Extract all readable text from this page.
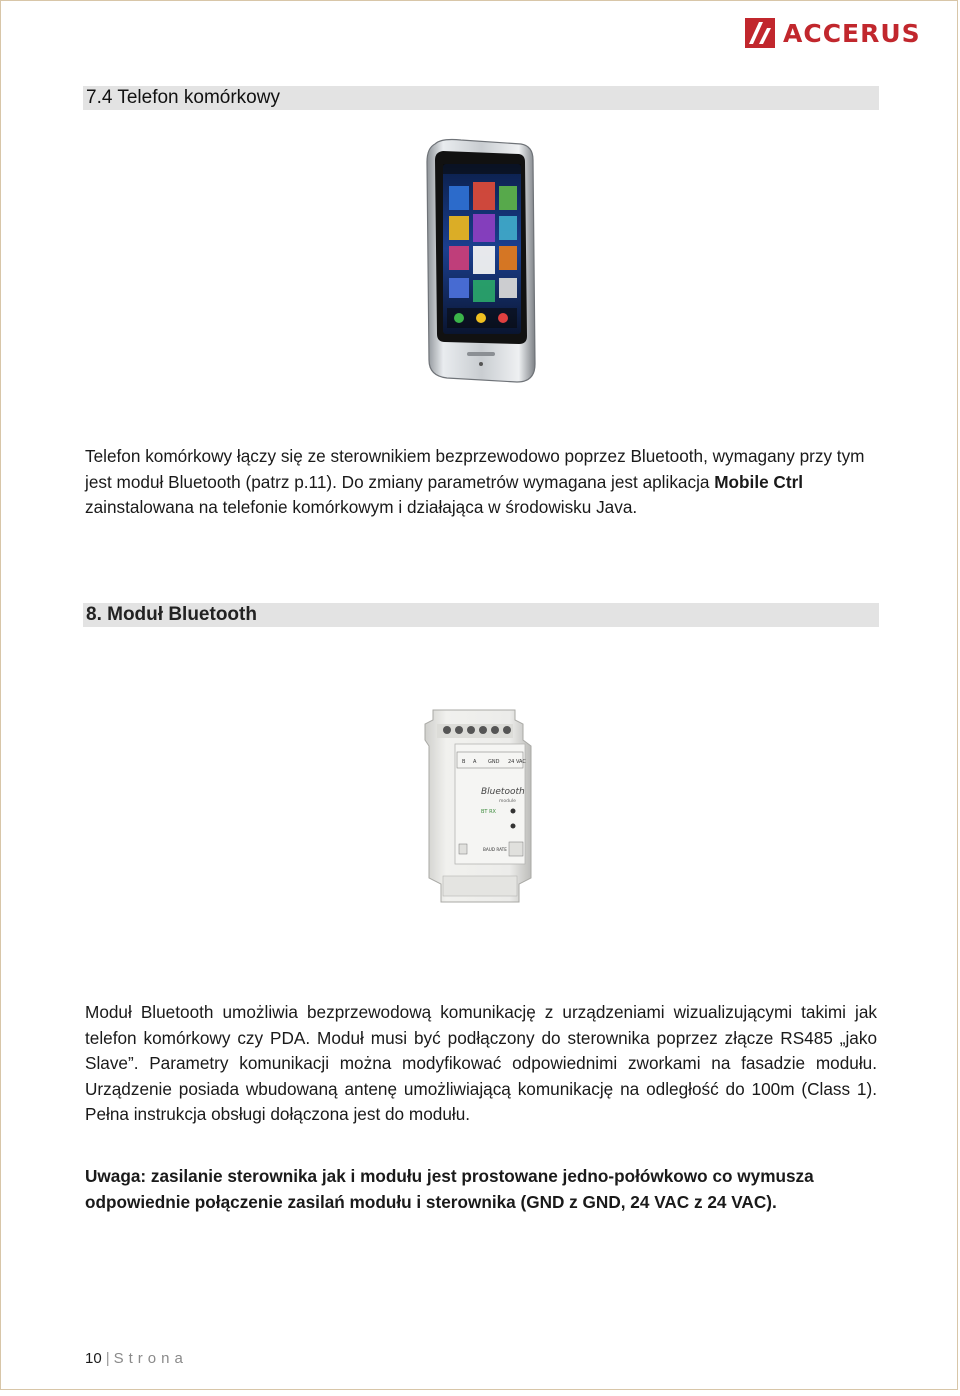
ACCERUS
7.4 Telefon komórkowy

Telefon komórkowy łączy się ze sterownikiem bezprzewodowo poprzez Bluetooth, wymagany przy tym jest moduł Bluetooth (patrz p.11). Do zmiany parametrów wymagana jest aplikacja Mobile Ctrl zainstalowana na telefonie komórkowym i działająca w środowisku Java.

8. Moduł Bluetooth
B A GND 24 VAC
Bluetooth
module
BT RX
BAUD RATE

Moduł Bluetooth umożliwia bezprzewodową komunikację z urządzeniami wizualizującymi takimi jak telefon komórkowy czy PDA. Moduł musi być podłączony do sterownika poprzez złącze RS485 „jako Slave”. Parametry komunikacji można modyfikować odpowiednimi zworkami na fasadzie modułu. Urządzenie posiada wbudowaną antenę umożliwiającą komunikację na odległość do 100m (Class 1). Pełna instrukcja obsługi dołączona jest do modułu.

Uwaga: zasilanie sterownika jak i modułu jest prostowane jedno-połówkowo co wymusza odpowiednie połączenie zasilań modułu i sterownika (GND z GND, 24 VAC z 24 VAC).

10 | Strona
